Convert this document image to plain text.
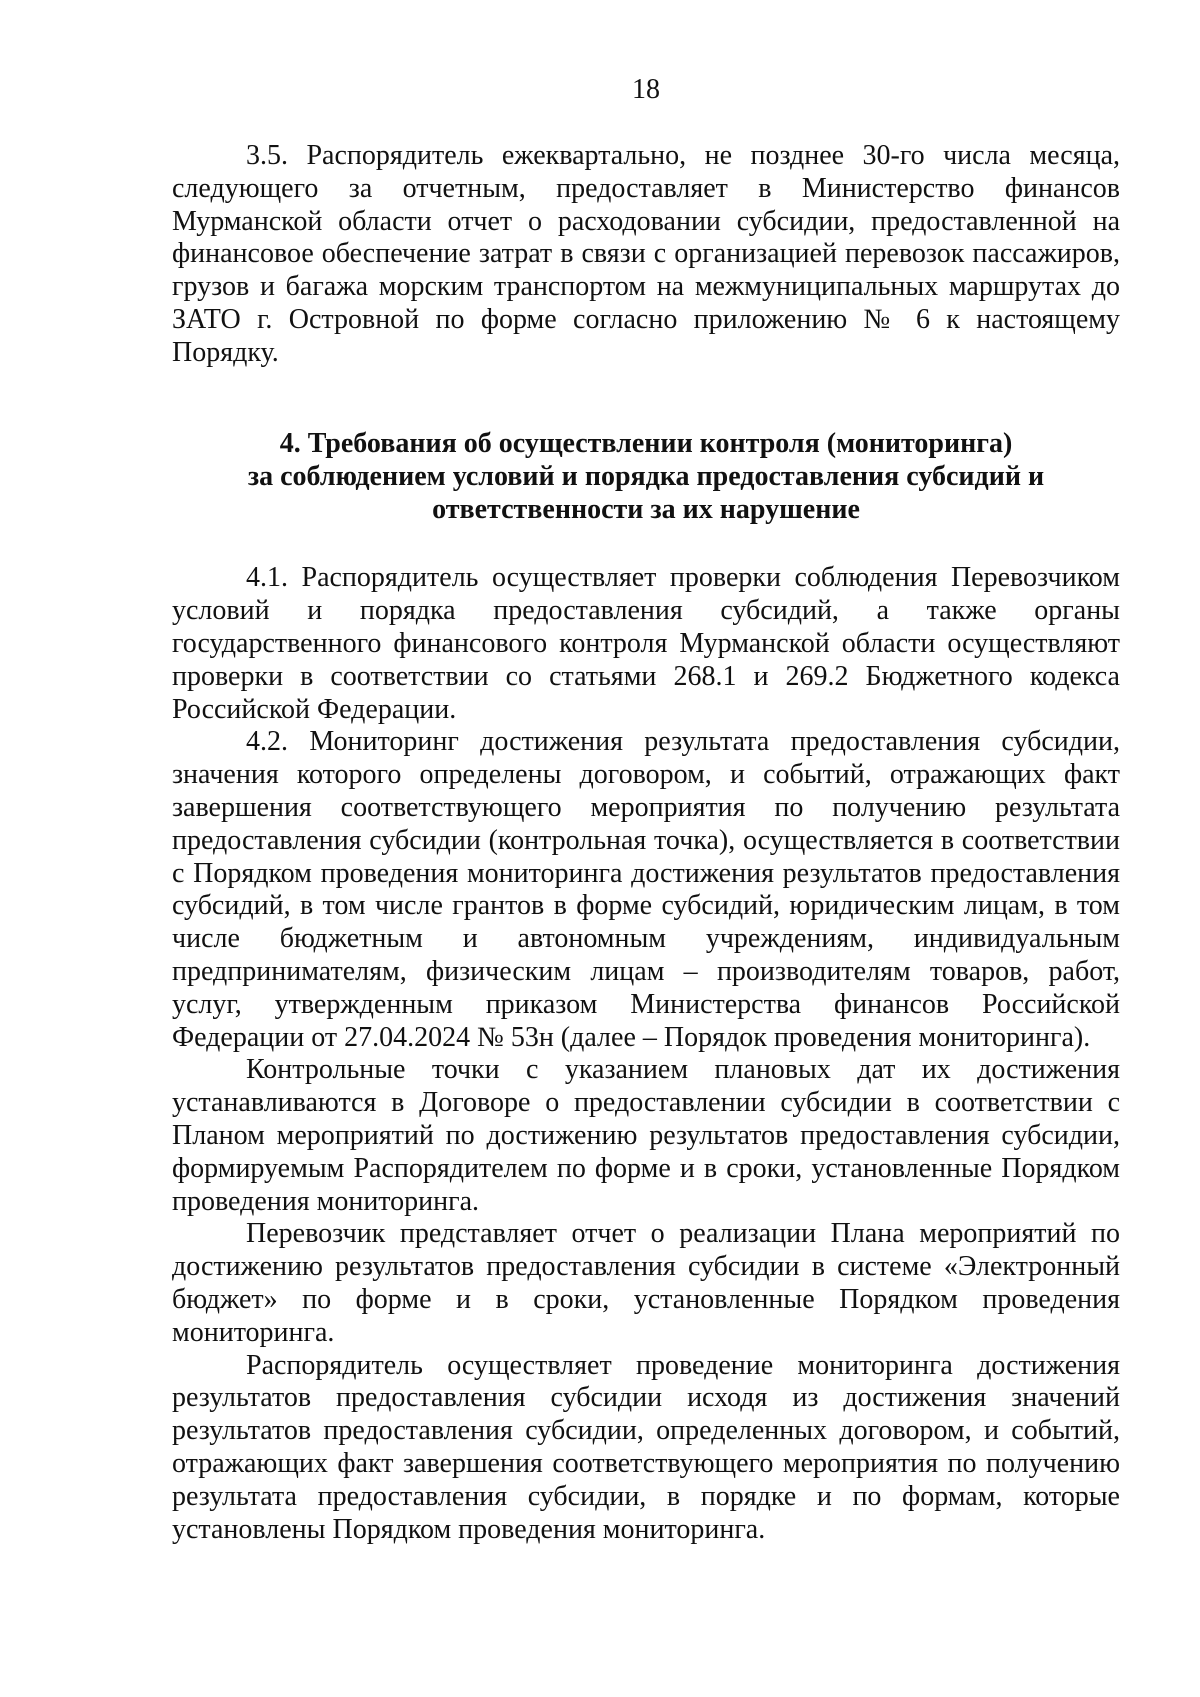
18

3.5. Распорядитель ежеквартально, не позднее 30-го числа месяца, следующего за отчетным, предоставляет в Министерство финансов Мурманской области отчет о расходовании субсидии, предоставленной на финансовое обеспечение затрат в связи с организацией перевозок пассажиров, грузов и багажа морским транспортом на межмуниципальных маршрутах до ЗАТО г. Островной по форме согласно приложению № 6 к настоящему Порядку.

4. Требования об осуществлении контроля (мониторинга)
за соблюдением условий и порядка предоставления субсидий и
ответственности за их нарушение

4.1. Распорядитель осуществляет проверки соблюдения Перевозчиком условий и порядка предоставления субсидий, а также органы государственного финансового контроля Мурманской области осуществляют проверки в соответствии со статьями 268.1 и 269.2 Бюджетного кодекса Российской Федерации.

4.2. Мониторинг достижения результата предоставления субсидии, значения которого определены договором, и событий, отражающих факт завершения соответствующего мероприятия по получению результата предоставления субсидии (контрольная точка), осуществляется в соответствии с Порядком проведения мониторинга достижения результатов предоставления субсидий, в том числе грантов в форме субсидий, юридическим лицам, в том числе бюджетным и автономным учреждениям, индивидуальным предпринимателям, физическим лицам – производителям товаров, работ, услуг, утвержденным приказом Министерства финансов Российской Федерации от 27.04.2024 № 53н (далее – Порядок проведения мониторинга).

Контрольные точки с указанием плановых дат их достижения устанавливаются в Договоре о предоставлении субсидии в соответствии с Планом мероприятий по достижению результатов предоставления субсидии, формируемым Распорядителем по форме и в сроки, установленные Порядком проведения мониторинга.

Перевозчик представляет отчет о реализации Плана мероприятий по достижению результатов предоставления субсидии в системе «Электронный бюджет» по форме и в сроки, установленные Порядком проведения мониторинга.

Распорядитель осуществляет проведение мониторинга достижения результатов предоставления субсидии исходя из достижения значений результатов предоставления субсидии, определенных договором, и событий, отражающих факт завершения соответствующего мероприятия по получению результата предоставления субсидии, в порядке и по формам, которые установлены Порядком проведения мониторинга.
